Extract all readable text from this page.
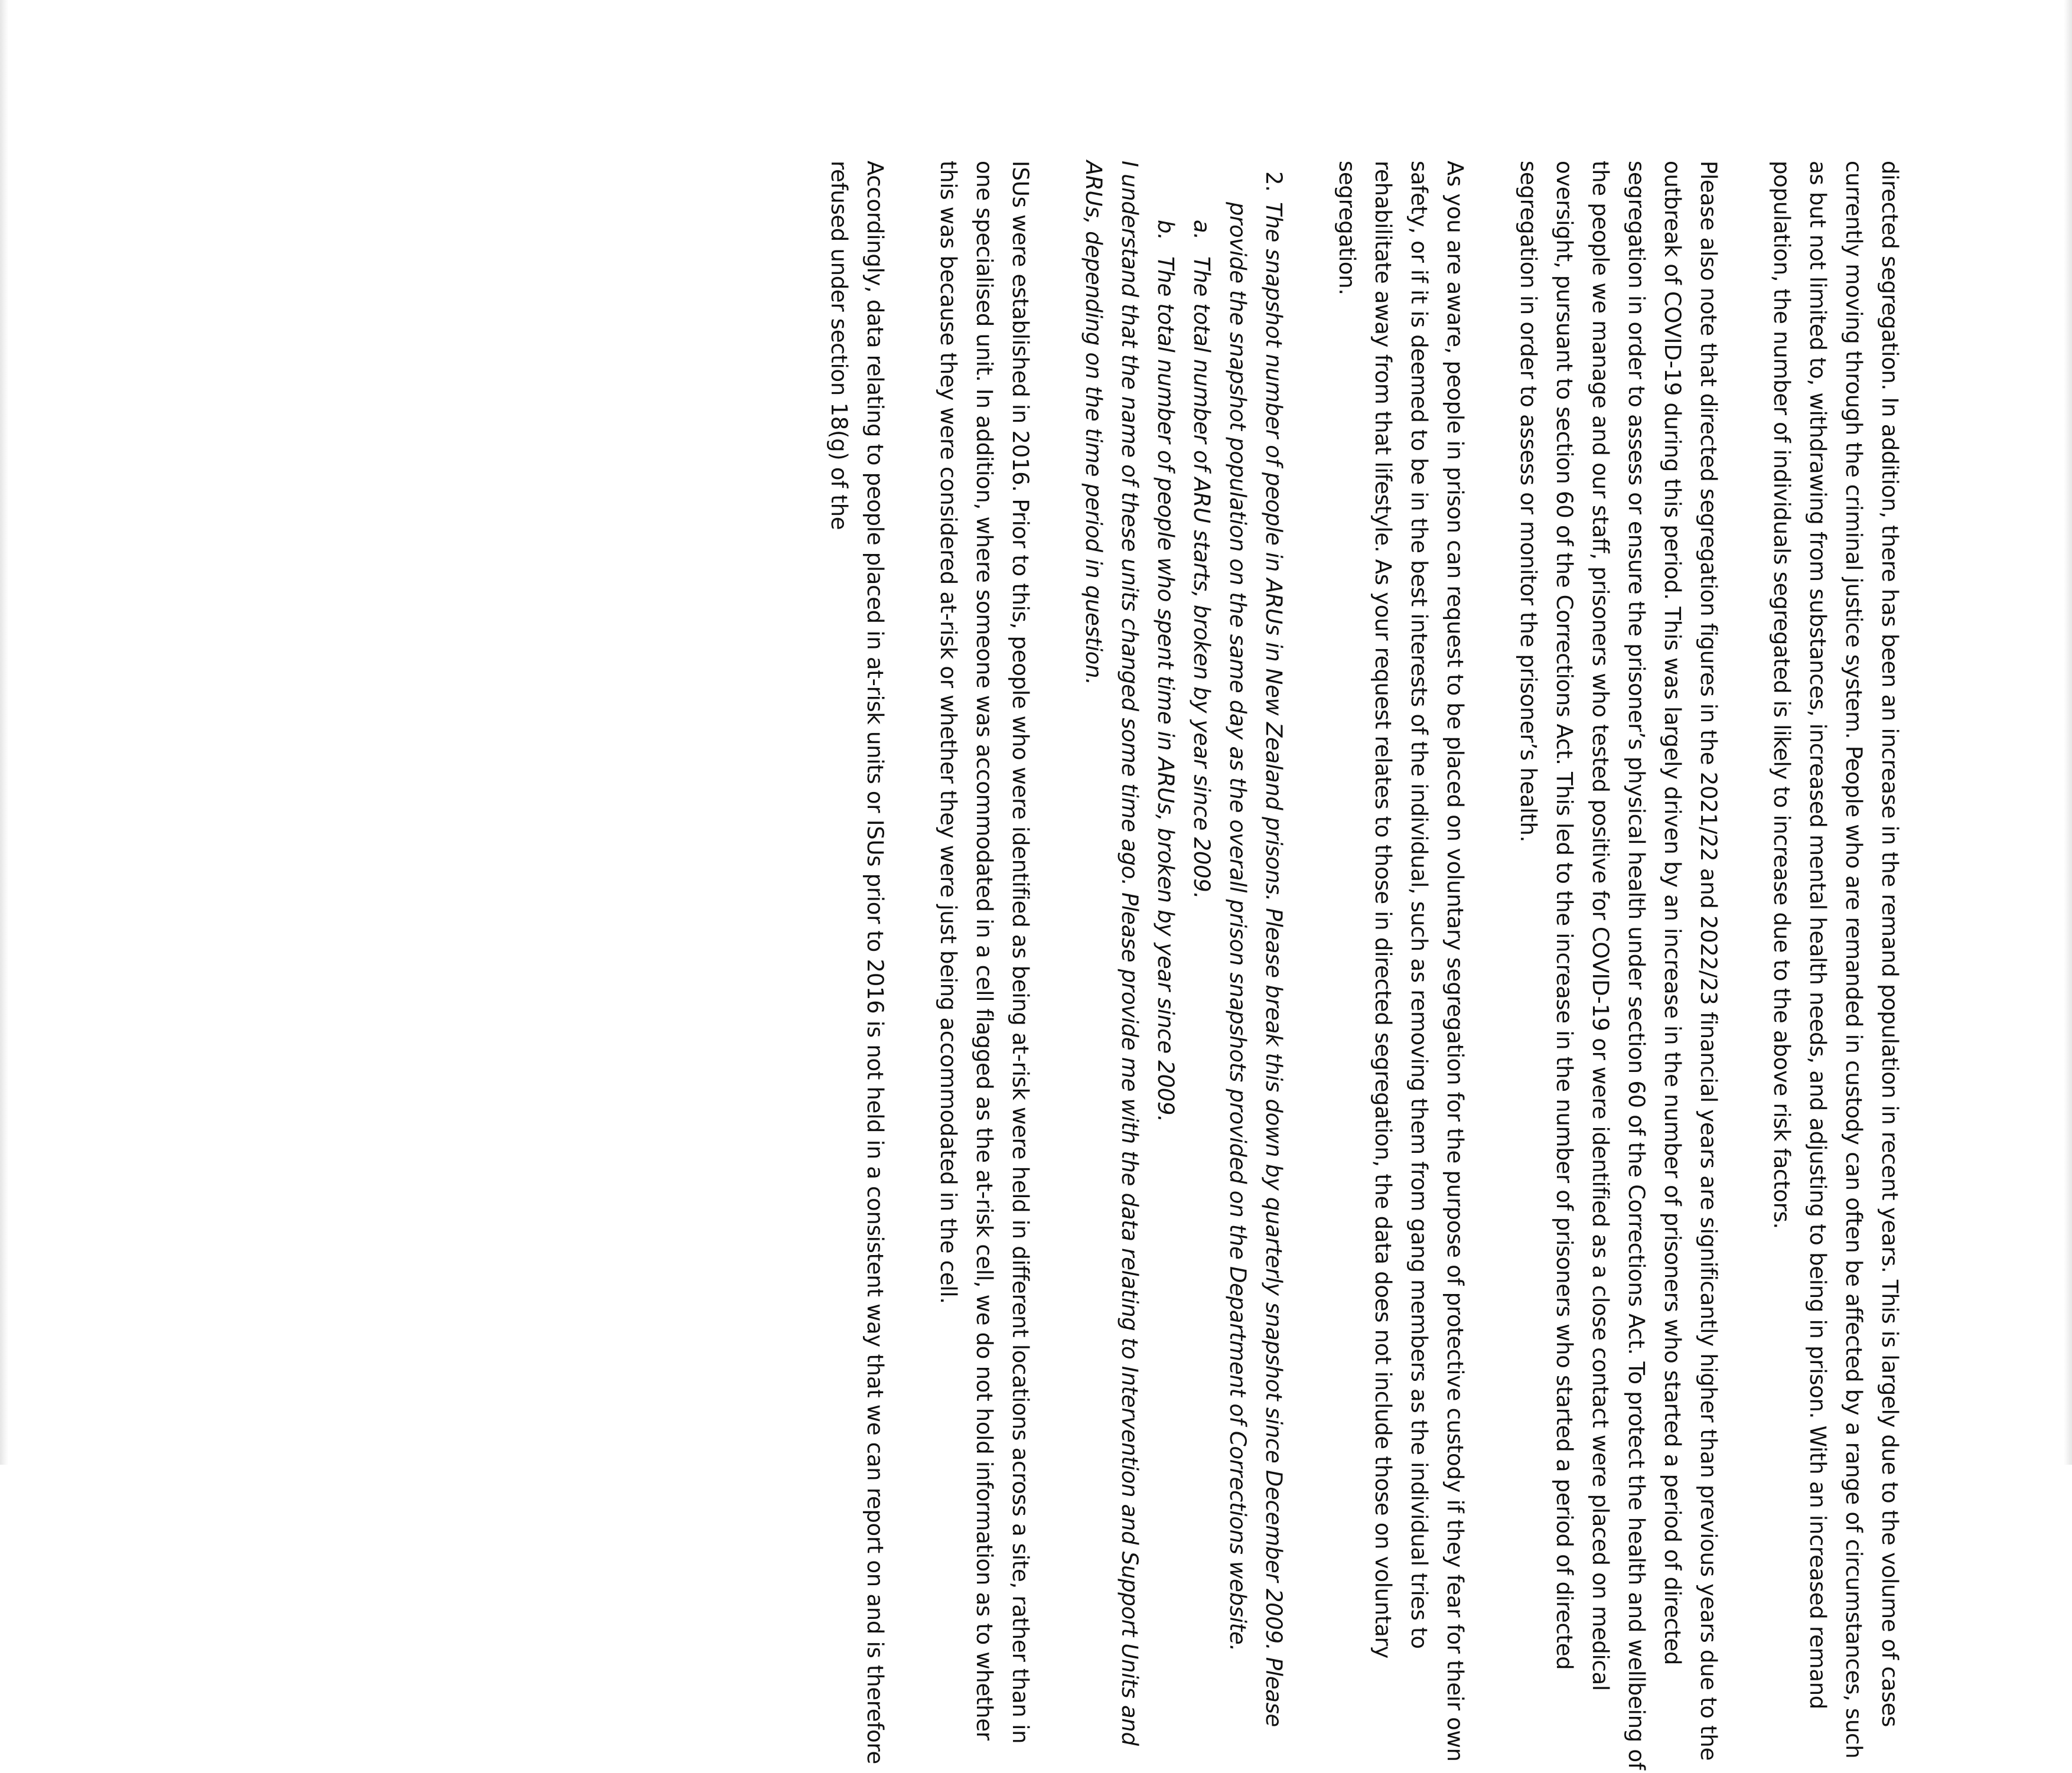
directed segregation. In addition, there has been an increase in the remand population in recent years. This is largely due to the volume of cases currently moving through the criminal justice system. People who are remanded in custody can often be affected by a range of circumstances, such as but not limited to, withdrawing from substances, increased mental health needs, and adjusting to being in prison. With an increased remand population, the number of individuals segregated is likely to increase due to the above risk factors.

Please also note that directed segregation figures in the 2021/22 and 2022/23 financial years are significantly higher than previous years due to the outbreak of COVID-19 during this period. This was largely driven by an increase in the number of prisoners who started a period of directed segregation in order to assess or ensure the prisoner’s physical health under section 60 of the Corrections Act. To protect the health and wellbeing of the people we manage and our staff, prisoners who tested positive for COVID-19 or were identified as a close contact were placed on medical oversight, pursuant to section 60 of the Corrections Act. This led to the increase in the number of prisoners who started a period of directed segregation in order to assess or monitor the prisoner’s health.

As you are aware, people in prison can request to be placed on voluntary segregation for the purpose of protective custody if they fear for their own safety, or if it is deemed to be in the best interests of the individual, such as removing them from gang members as the individual tries to rehabilitate away from that lifestyle. As your request relates to those in directed segregation, the data does not include those on voluntary segregation.

2.
The snapshot number of people in ARUs in New Zealand prisons. Please break this down by quarterly snapshot since December 2009. Please provide the snapshot population on the same day as the overall prison snapshots provided on the Department of Corrections website.
a.
The total number of ARU starts, broken by year since 2009.
b.
The total number of people who spent time in ARUs, broken by year since 2009.

I understand that the name of these units changed some time ago. Please provide me with the data relating to Intervention and Support Units and ARUs, depending on the time period in question.

ISUs were established in 2016. Prior to this, people who were identified as being at-risk were held in different locations across a site, rather than in one specialised unit. In addition, where someone was accommodated in a cell flagged as the at-risk cell, we do not hold information as to whether this was because they were considered at-risk or whether they were just being accommodated in the cell.

Accordingly, data relating to people placed in at-risk units or ISUs prior to 2016 is not held in a consistent way that we can report on and is therefore refused under section 18(g) of the
